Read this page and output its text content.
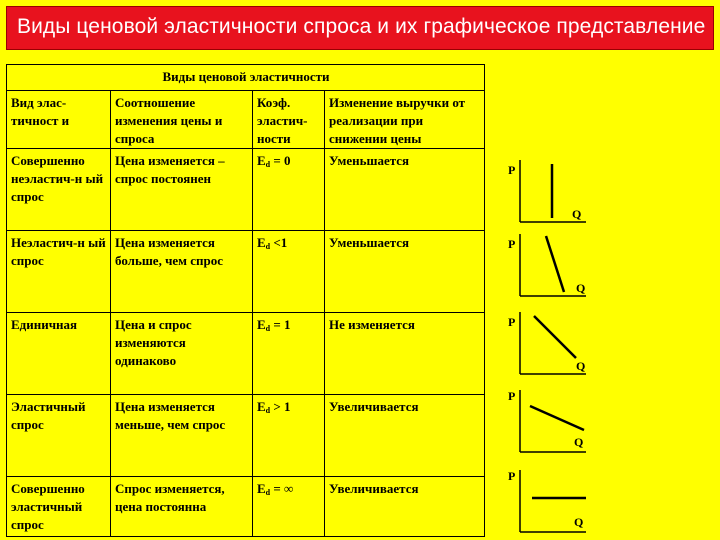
Виды ценовой эластичности спроса и их графическое представление
Виды ценовой эластичности			
Вид элас-тичност и	Соотношение изменения цены и спроса	Коэф. эластич-ности	Изменение выручки от реализации при снижении цены
Совершенно неэластич-н ый спрос	Цена изменяется – спрос постоянен	Ed = 0	Уменьшается
Неэластич-н ый спрос	Цена изменяется больше, чем спрос	Ed <1	Уменьшается
Единичная	Цена и спрос изменяются одинаково	Ed = 1	Не изменяется
Эластичный спрос	Цена изменяется меньше, чем спрос	Ed > 1	Увеличивается
Совершенно эластичный спрос	Спрос изменяется, цена постоянна	Ed = ∞	Увеличивается
P
Q
P
Q
P
Q
P
Q
P
Q
